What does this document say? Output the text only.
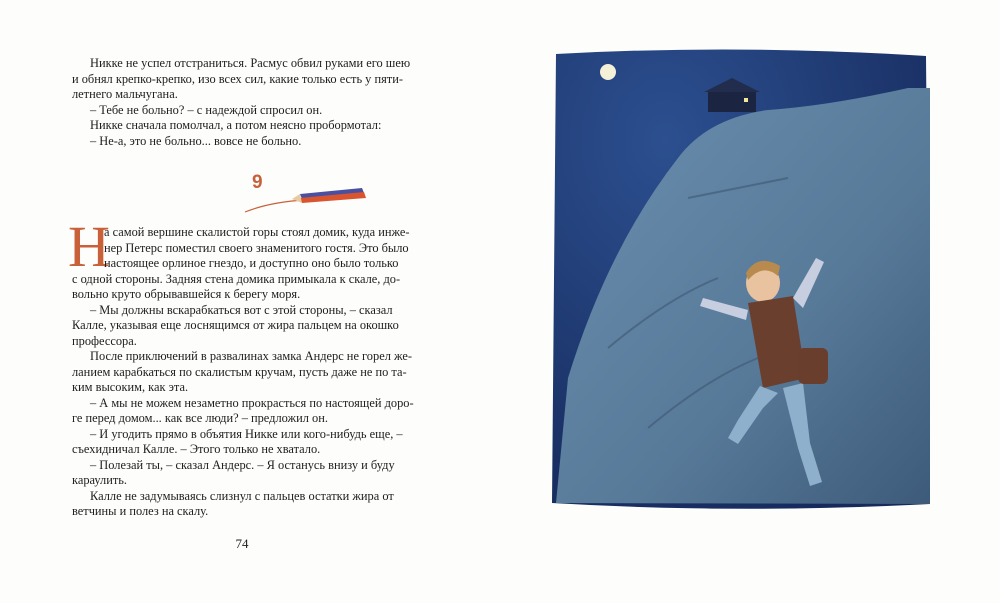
Никке не успел отстраниться. Расмус обвил руками его шею
и обнял крепко-крепко, изо всех сил, какие только есть у пяти-
летнего мальчугана.
– Тебе не больно? – с надеждой спросил он.
Никке сначала помолчал, а потом неясно пробормотал:
– Не-а, это не больно... вовсе не больно.
9
Н
а самой вершине скалистой горы стоял домик, куда инже-
нер Петерс поместил своего знаменитого гостя. Это было
настоящее орлиное гнездо, и доступно оно было только
с одной стороны. Задняя стена домика примыкала к скале, до-
вольно круто обрывавшейся к берегу моря.
– Мы должны вскарабкаться вот с этой стороны, – сказал
Калле, указывая еще лоснящимся от жира пальцем на окошко
профессора.
После приключений в развалинах замка Андерс не горел же-
ланием карабкаться по скалистым кручам, пусть даже не по та-
ким высоким, как эта.
– А мы не можем незаметно прокрасться по настоящей доро-
ге перед домом... как все люди? – предложил он.
– И угодить прямо в объятия Никке или кого-нибудь еще, –
съехидничал Калле. – Этого только не хватало.
– Полезай ты, – сказал Андерс. – Я останусь внизу и буду
караулить.
Калле не задумываясь слизнул с пальцев остатки жира от
ветчины и полез на скалу.
74
